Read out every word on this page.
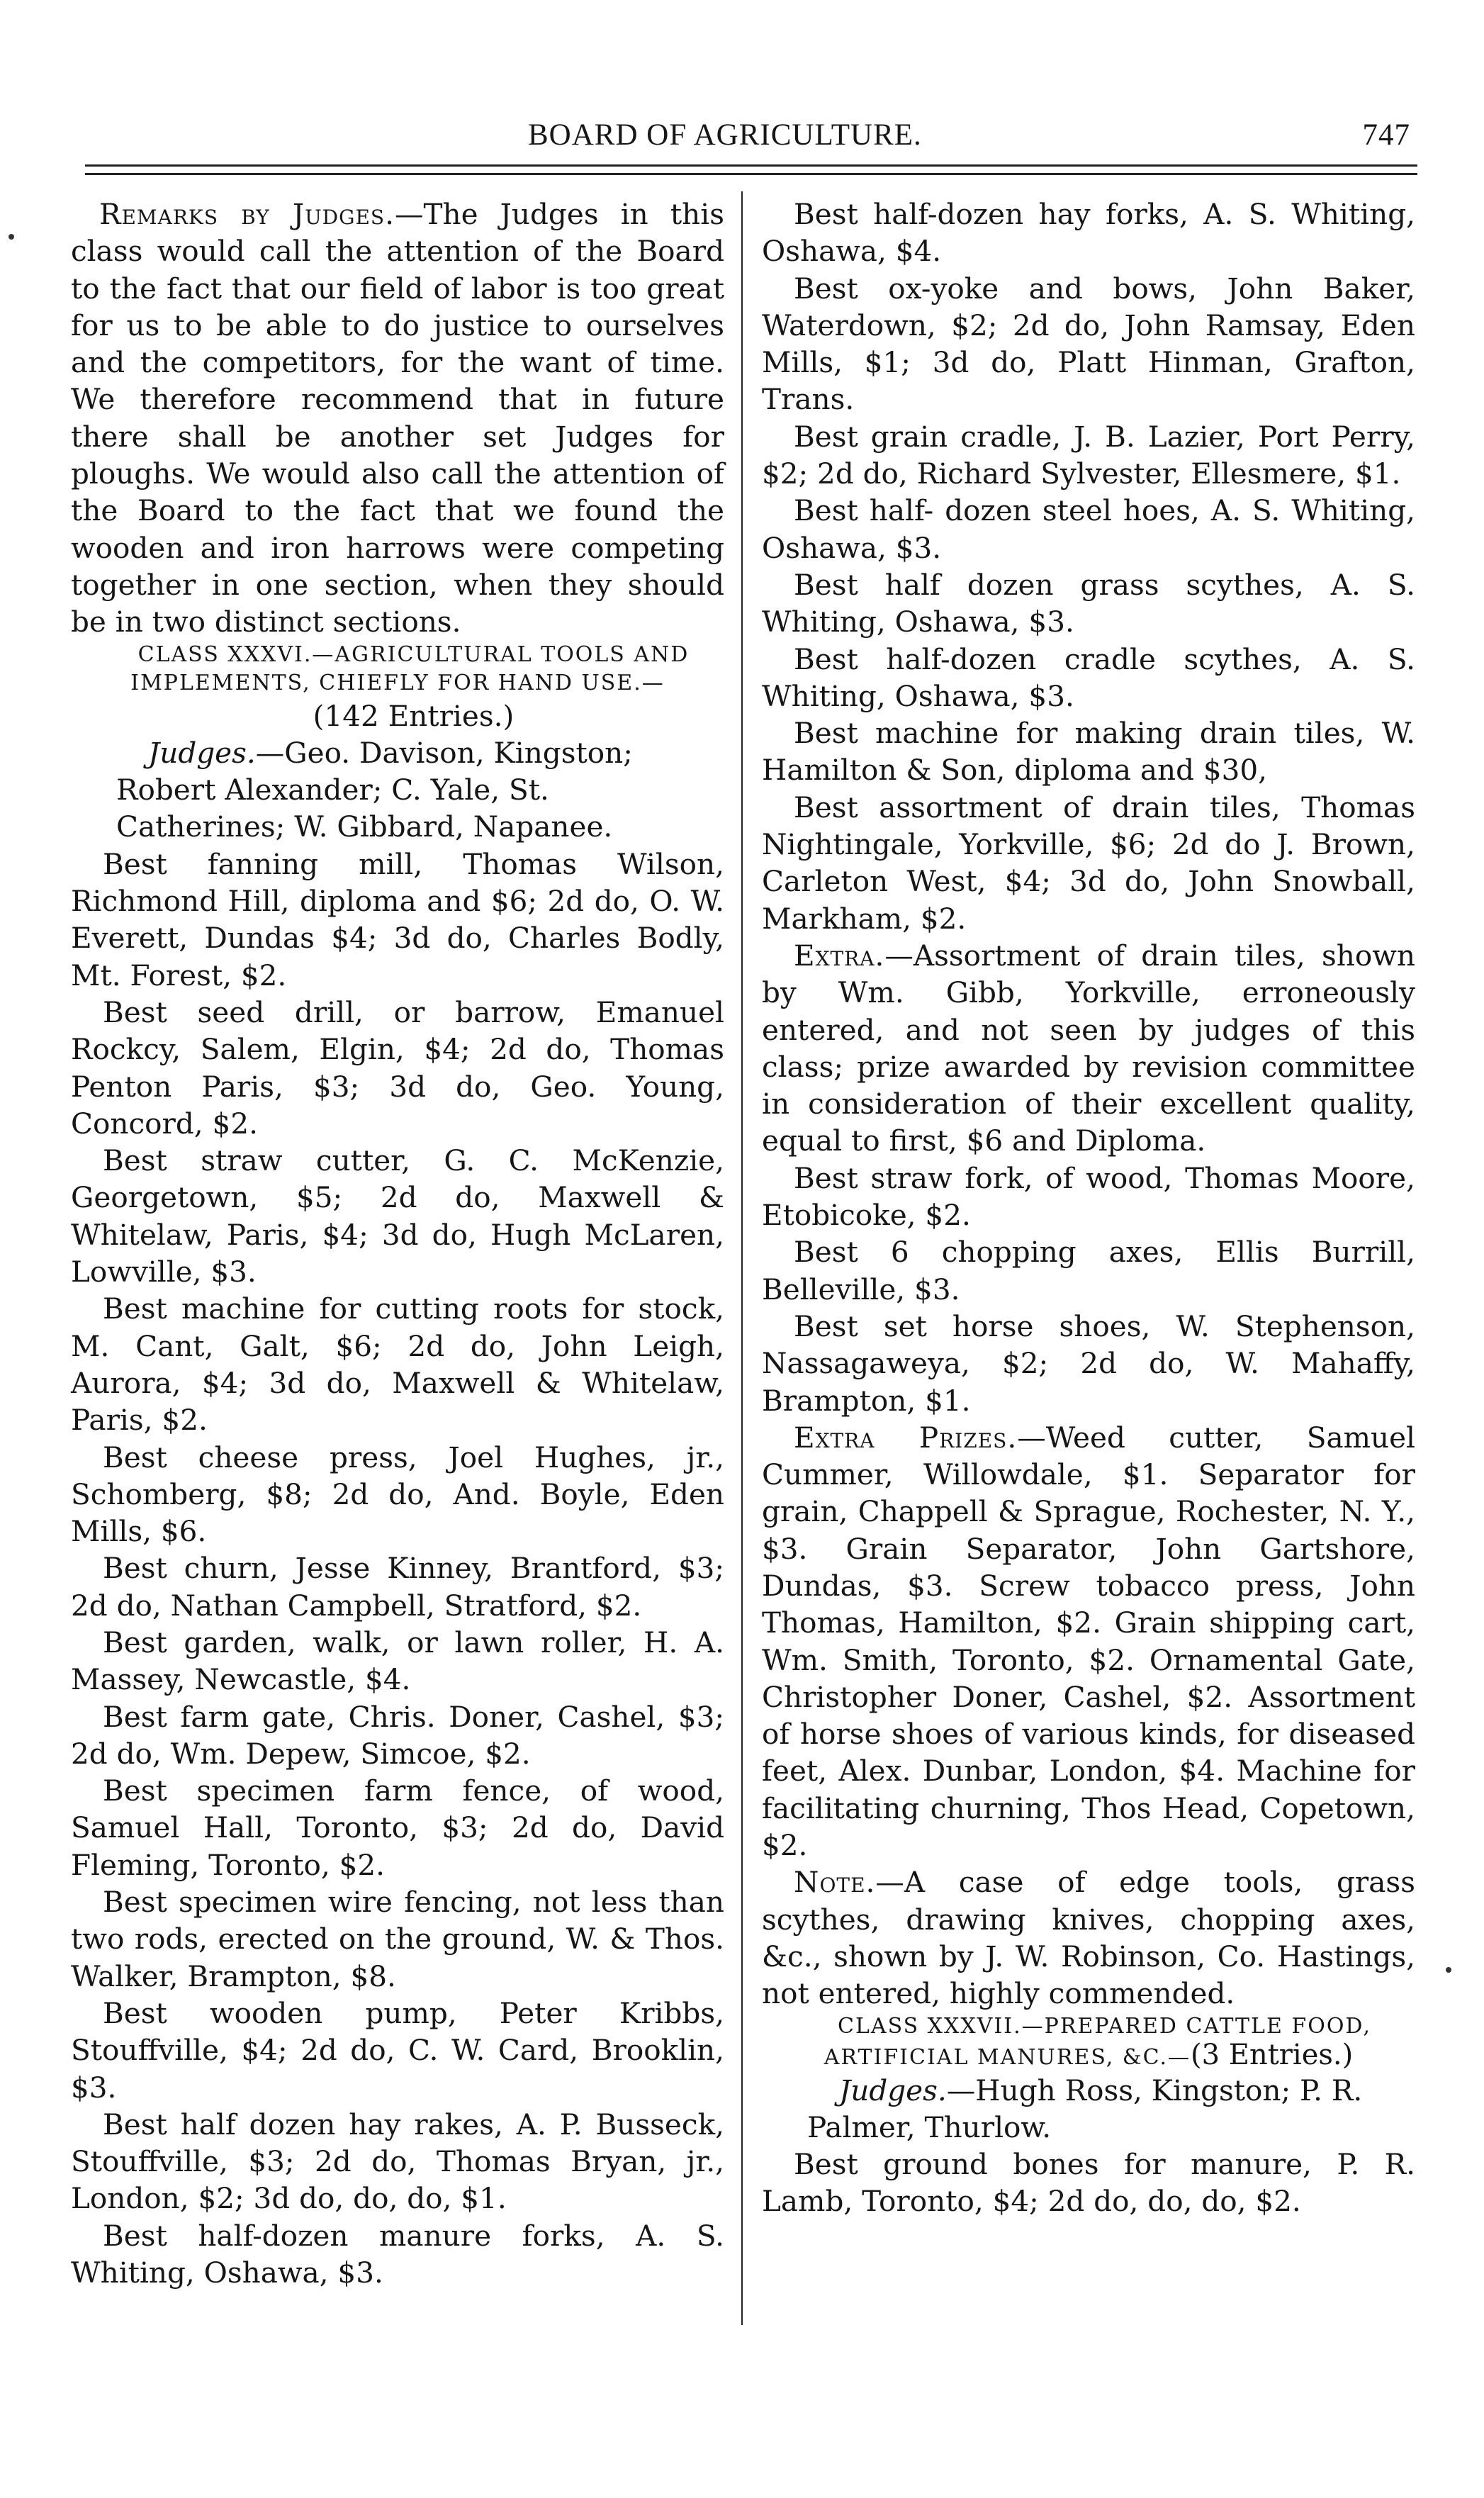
BOARD OF AGRICULTURE.	747

Remarks by Judges.—The Judges in this class would call the attention of the Board to the fact that our field of labor is too great for us to be able to do justice to ourselves and the competitors, for the want of time. We therefore recommend that in future there shall be another set Judges for ploughs. We would also call the attention of the Board to the fact that we found the wooden and iron harrows were competing together in one section, when they should be in two distinct sections.

CLASS XXXVI.—AGRICULTURAL TOOLS AND IMPLEMENTS, CHIEFLY FOR HAND USE.—

(142 Entries.)

Judges.—Geo. Davison, Kingston; Robert Alexander; C. Yale, St. Catherines; W. Gibbard, Napanee.

Best fanning mill, Thomas Wilson, Richmond Hill, diploma and $6; 2d do, O. W. Everett, Dundas $4; 3d do, Charles Bodly, Mt. Forest, $2.

Best seed drill, or barrow, Emanuel Rockcy, Salem, Elgin, $4; 2d do, Thomas Penton Paris, $3; 3d do, Geo. Young, Concord, $2.

Best straw cutter, G. C. McKenzie, Georgetown, $5; 2d do, Maxwell & Whitelaw, Paris, $4; 3d do, Hugh McLaren, Lowville, $3.

Best machine for cutting roots for stock, M. Cant, Galt, $6; 2d do, John Leigh, Aurora, $4; 3d do, Maxwell & Whitelaw, Paris, $2.

Best cheese press, Joel Hughes, jr., Schomberg, $8; 2d do, And. Boyle, Eden Mills, $6.

Best churn, Jesse Kinney, Brantford, $3; 2d do, Nathan Campbell, Stratford, $2.

Best garden, walk, or lawn roller, H. A. Massey, Newcastle, $4.

Best farm gate, Chris. Doner, Cashel, $3; 2d do, Wm. Depew, Simcoe, $2.

Best specimen farm fence, of wood, Samuel Hall, Toronto, $3; 2d do, David Fleming, Toronto, $2.

Best specimen wire fencing, not less than two rods, erected on the ground, W. & Thos. Walker, Brampton, $8.

Best wooden pump, Peter Kribbs, Stouffville, $4; 2d do, C. W. Card, Brooklin, $3.

Best half dozen hay rakes, A. P. Busseck, Stouffville, $3; 2d do, Thomas Bryan, jr., London, $2; 3d do, do, do, $1.

Best half-dozen manure forks, A. S. Whiting, Oshawa, $3.

Best half-dozen hay forks, A. S. Whiting, Oshawa, $4.

Best ox-yoke and bows, John Baker, Waterdown, $2; 2d do, John Ramsay, Eden Mills, $1; 3d do, Platt Hinman, Grafton, Trans.

Best grain cradle, J. B. Lazier, Port Perry, $2; 2d do, Richard Sylvester, Ellesmere, $1.

Best half- dozen steel hoes, A. S. Whiting, Oshawa, $3.

Best half dozen grass scythes, A. S. Whiting, Oshawa, $3.

Best half-dozen cradle scythes, A. S. Whiting, Oshawa, $3.

Best machine for making drain tiles, W. Hamilton & Son, diploma and $30,

Best assortment of drain tiles, Thomas Nightingale, Yorkville, $6; 2d do J. Brown, Carleton West, $4; 3d do, John Snowball, Markham, $2.

Extra.—Assortment of drain tiles, shown by Wm. Gibb, Yorkville, erroneously entered, and not seen by judges of this class; prize awarded by revision committee in consideration of their excellent quality, equal to first, $6 and Diploma.

Best straw fork, of wood, Thomas Moore, Etobicoke, $2.

Best 6 chopping axes, Ellis Burrill, Belleville, $3.

Best set horse shoes, W. Stephenson, Nassagaweya, $2; 2d do, W. Mahaffy, Brampton, $1.

Extra Prizes.—Weed cutter, Samuel Cummer, Willowdale, $1. Separator for grain, Chappell & Sprague, Rochester, N. Y., $3. Grain Separator, John Gartshore, Dundas, $3. Screw tobacco press, John Thomas, Hamilton, $2. Grain shipping cart, Wm. Smith, Toronto, $2. Ornamental Gate, Christopher Doner, Cashel, $2. Assortment of horse shoes of various kinds, for diseased feet, Alex. Dunbar, London, $4. Machine for facilitating churning, Thos Head, Copetown, $2.

Note.—A case of edge tools, grass scythes, drawing knives, chopping axes, &c., shown by J. W. Robinson, Co. Hastings, not entered, highly commended.

CLASS XXXVII.—PREPARED CATTLE FOOD, ARTIFICIAL MANURES, &C.—(3 Entries.)

Judges.—Hugh Ross, Kingston; P. R. Palmer, Thurlow.

Best ground bones for manure, P. R. Lamb, Toronto, $4; 2d do, do, do, $2.
